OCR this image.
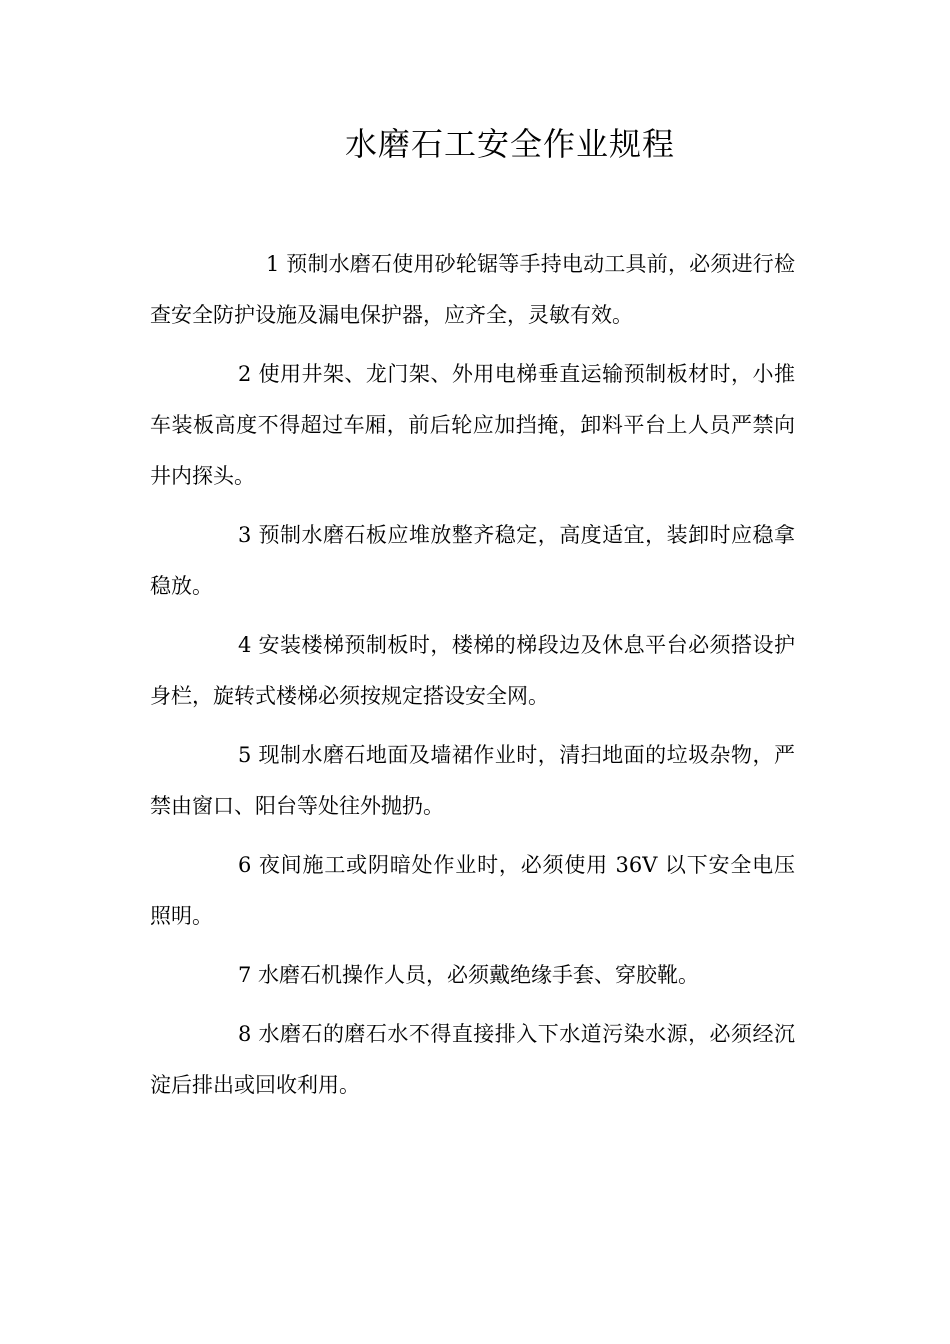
水磨石工安全作业规程

1 预制水磨石使用砂轮锯等手持电动工具前，必须进行检查安全防护设施及漏电保护器，应齐全，灵敏有效。

2 使用井架、龙门架、外用电梯垂直运输预制板材时，小推车装板高度不得超过车厢，前后轮应加挡掩，卸料平台上人员严禁向井内探头。

3 预制水磨石板应堆放整齐稳定，高度适宜，装卸时应稳拿稳放。

4 安装楼梯预制板时，楼梯的梯段边及休息平台必须搭设护身栏，旋转式楼梯必须按规定搭设安全网。

5 现制水磨石地面及墙裙作业时，清扫地面的垃圾杂物，严禁由窗口、阳台等处往外抛扔。

6 夜间施工或阴暗处作业时，必须使用 36V 以下安全电压照明。

7 水磨石机操作人员，必须戴绝缘手套、穿胶靴。

8 水磨石的磨石水不得直接排入下水道污染水源，必须经沉淀后排出或回收利用。
